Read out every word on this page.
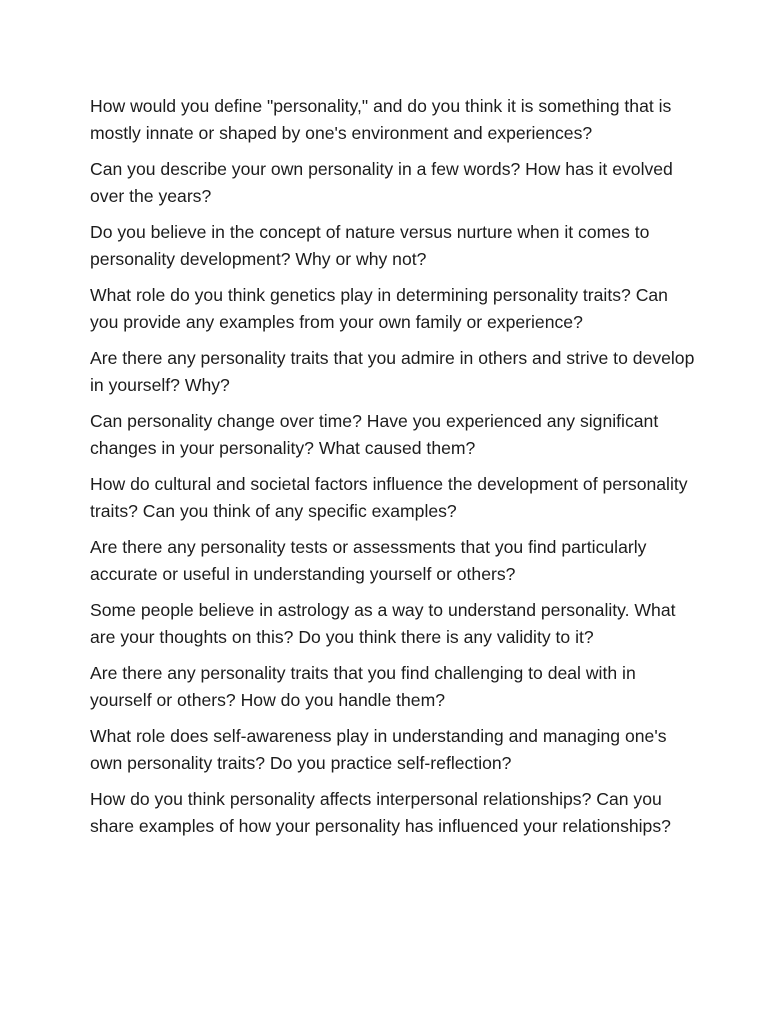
How would you define "personality," and do you think it is something that is mostly innate or shaped by one's environment and experiences?

Can you describe your own personality in a few words? How has it evolved over the years?

Do you believe in the concept of nature versus nurture when it comes to personality development? Why or why not?

What role do you think genetics play in determining personality traits? Can you provide any examples from your own family or experience?

Are there any personality traits that you admire in others and strive to develop in yourself? Why?

Can personality change over time? Have you experienced any significant changes in your personality? What caused them?

How do cultural and societal factors influence the development of personality traits? Can you think of any specific examples?

Are there any personality tests or assessments that you find particularly accurate or useful in understanding yourself or others?

Some people believe in astrology as a way to understand personality. What are your thoughts on this? Do you think there is any validity to it?

Are there any personality traits that you find challenging to deal with in yourself or others? How do you handle them?

What role does self-awareness play in understanding and managing one's own personality traits? Do you practice self-reflection?

How do you think personality affects interpersonal relationships? Can you share examples of how your personality has influenced your relationships?
